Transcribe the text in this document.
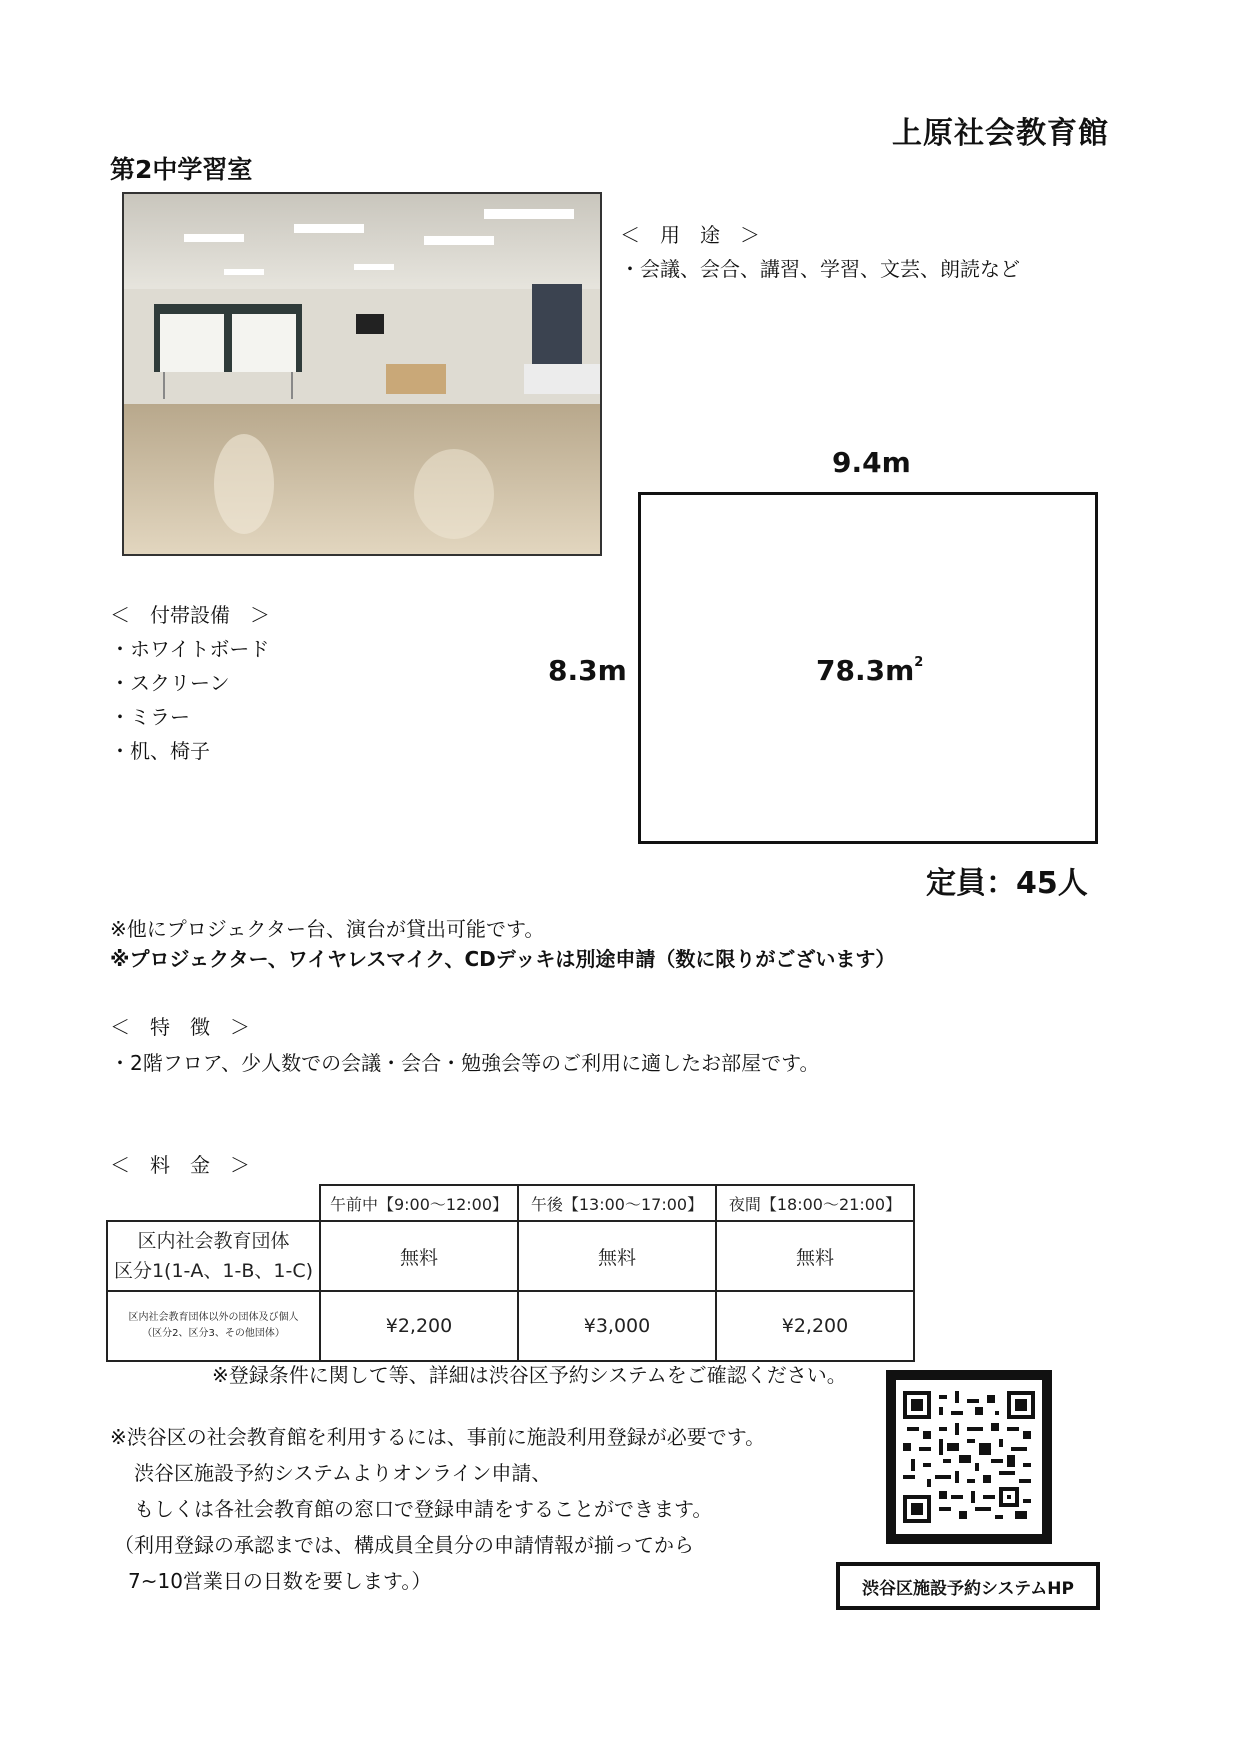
上原社会教育館
第2中学習室
＜　用　途　＞
・会議、会合、講習、学習、文芸、朗読など
9.4m
8.3m	$78.3m^2$
定員：45人
＜　付帯設備　＞
・ホワイトボード
・スクリーン
・ミラー
・机、椅子
※他にプロジェクター台、演台が貸出可能です。
※プロジェクター、ワイヤレスマイク、CDデッキは別途申請（数に限りがございます）
＜　特　徴　＞
・2階フロア、少人数での会議・会合・勉強会等のご利用に適したお部屋です。
＜　料　金　＞
	午前中【9:00～12:00】	午後【13:00～17:00】	夜間【18:00～21:00】

区内社会教育団体
区分1(1-A、1-B、1-C)	無料	無料	無料

区内社会教育団体以外の団体及び個人
（区分2、区分3、その他団体）	¥2,200	¥3,000	¥2,200
※登録条件に関して等、詳細は渋谷区予約システムをご確認ください。
※渋谷区の社会教育館を利用するには、事前に施設利用登録が必要です。
渋谷区施設予約システムよりオンライン申請、
もしくは各社会教育館の窓口で登録申請をすることができます。
（利用登録の承認までは、構成員全員分の申請情報が揃ってから
7~10営業日の日数を要します。）	渋谷区施設予約システムHP
